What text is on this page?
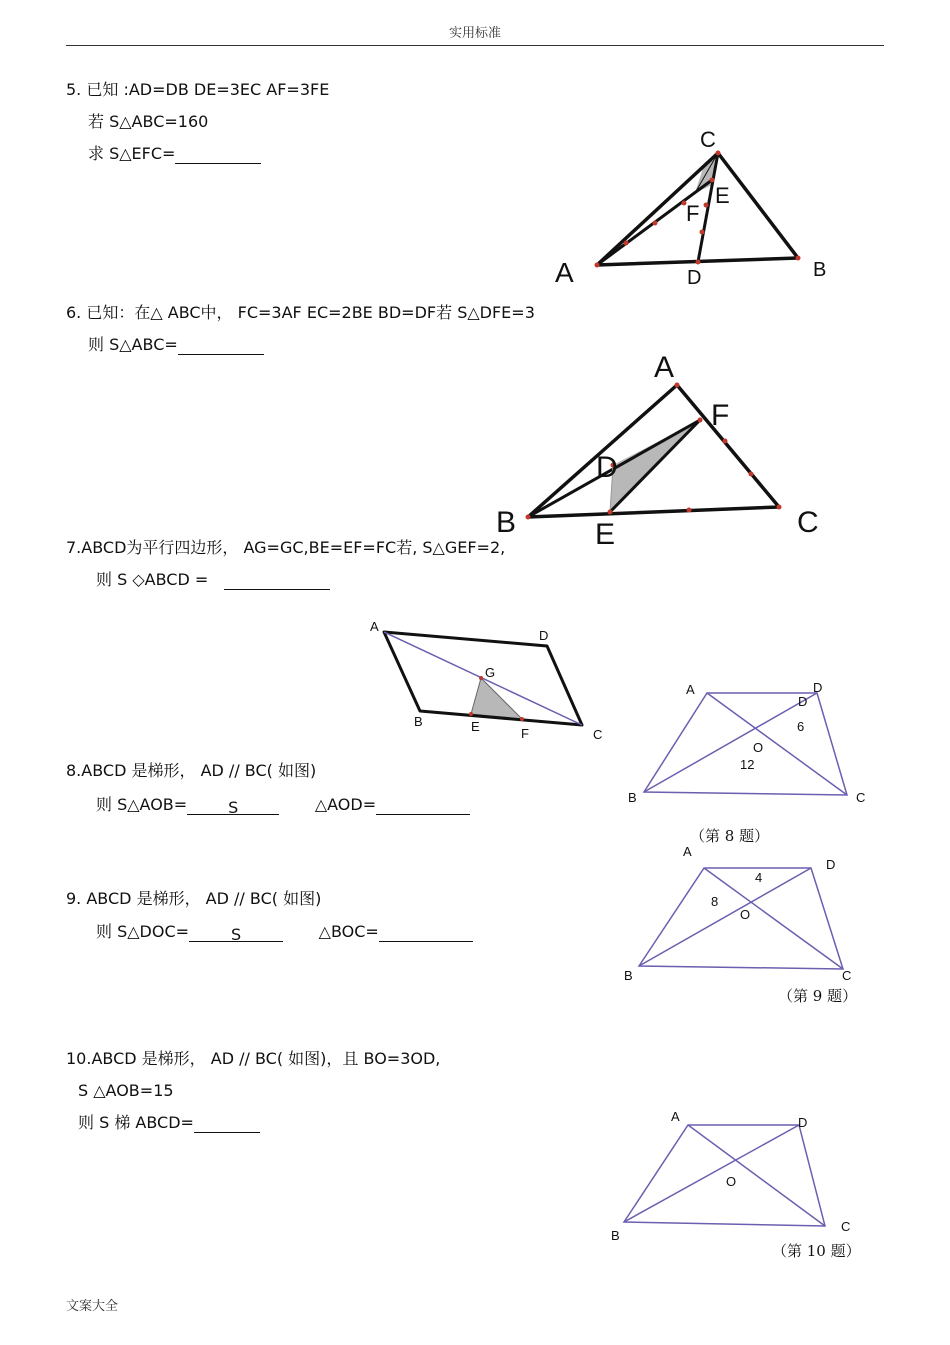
实用标准
5. 已知 :AD=DB DE=3EC AF=3FE
若 S△ABC=160
求 S△EFC=
6. 已知：在△ ABC中， FC=3AF EC=2BE BD=DF若 S△DFE=3
则 S△ABC=
7.ABCD为平行四边形， AG=GC,BE=EF=FC若, S△GEF=2,
则 S ◇ABCD =
8.ABCD 是梯形， AD // BC( 如图)
则 S△AOB=	S	△AOD=
（第 8 题）
9. ABCD 是梯形， AD // BC( 如图)
则 S△DOC=	S	△BOC=
（第 9 题）
10.ABCD 是梯形， AD // BC( 如图)，且 BO=3OD,
S △AOB=15
则 S 梯 ABCD=
（第 10 题）
文案大全
A	B
C
D
E
F
A
B	C
D
E
F
A
B
C
D
E	F
G
A
B	C
D
D
O
6
12
A
B	C
D
O
4
8
A
B
C
D
O
